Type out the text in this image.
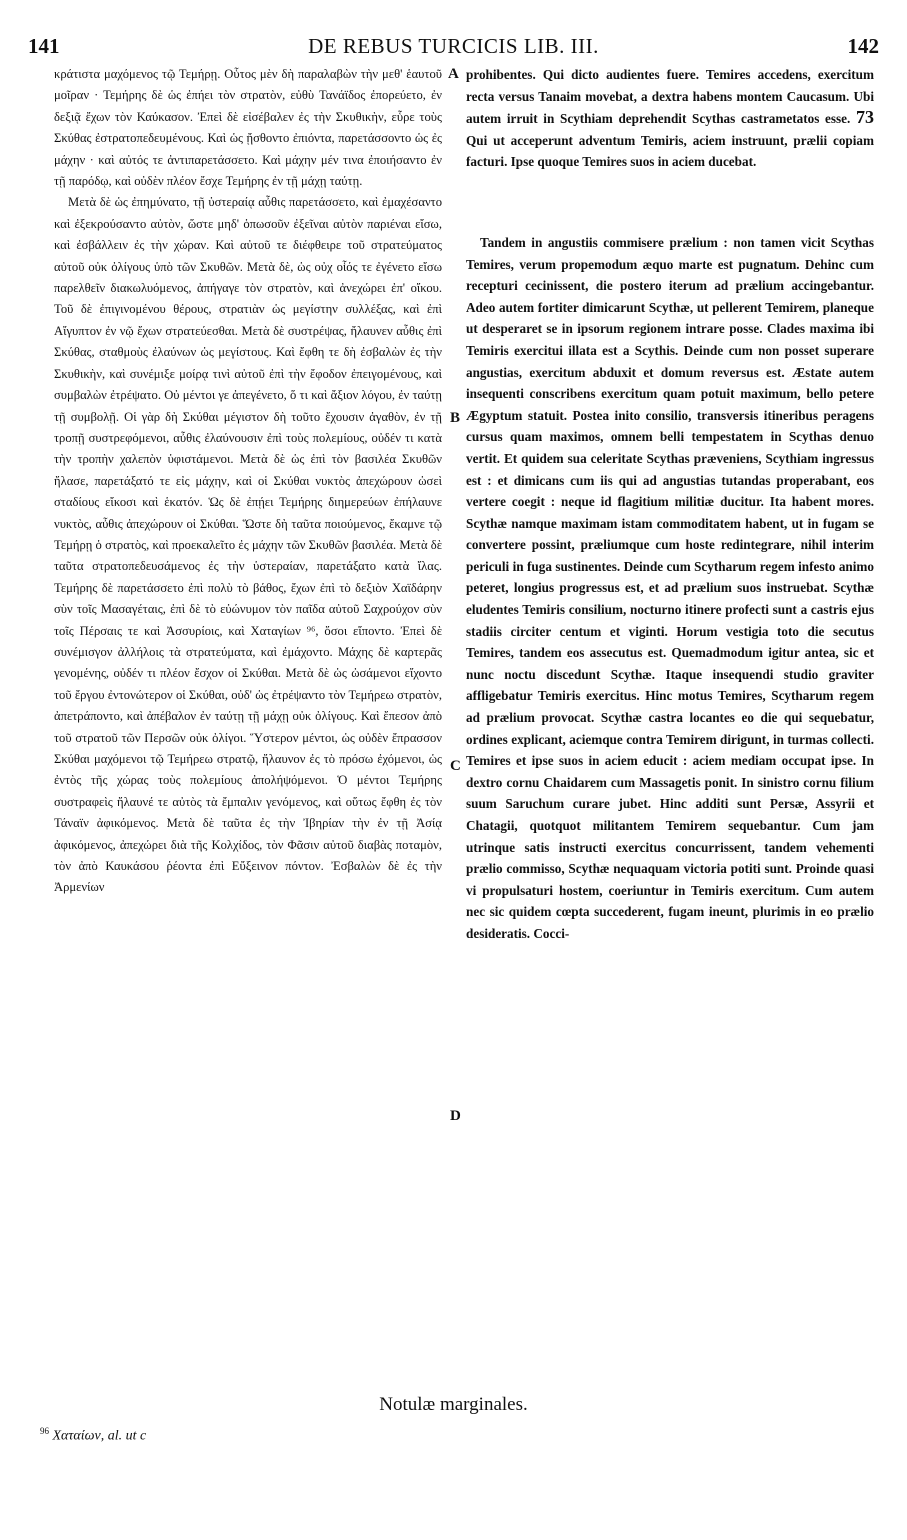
141	DE REBUS TURCICIS LIB. III.	142

κράτιστα μαχόμενος τῷ Τεμήρῃ. Οὗτος μὲν δὴ παραλαβὼν τὴν μεθ' ἑαυτοῦ μοῖραν · Τεμήρης δὲ ὡς ἐπήει τὸν στρατὸν, εὐθὺ Τανάϊδος ἐπορεύετο, ἐν δεξιᾷ ἔχων τὸν Καύκασον. Ἐπεὶ δὲ εἰσέβαλεν ἐς τὴν Σκυθικὴν, εὗρε τοὺς Σκύθας ἐστρατοπεδευμένους. Καὶ ὡς ᾔσθοντο ἐπιόντα, παρετάσσοντο ὡς ἐς μάχην · καὶ αὐτός τε ἀντιπαρετάσσετο. Καὶ μάχην μέν τινα ἐποιήσαντο ἐν τῇ παρόδῳ, καὶ οὐδὲν πλέον ἔσχε Τεμήρης ἐν τῇ μάχῃ ταύτῃ.

Μετὰ δὲ ὡς ἐπημύνατο, τῇ ὑστεραίᾳ αὖθις παρετάσσετο, καὶ ἐμαχέσαντο καὶ ἐξεκρούσαντο αὐτὸν, ὥστε μηδ' ὁπωσοῦν ἐξεῖναι αὐτὸν παριέναι εἴσω, καὶ ἐσβάλλειν ἐς τὴν χώραν. Καὶ αὐτοῦ τε διέφθειρε τοῦ στρατεύματος αὐτοῦ οὐκ ὀλίγους ὑπὸ τῶν Σκυθῶν. Μετὰ δὲ, ὡς οὐχ οἷός τε ἐγένετο εἴσω παρελθεῖν διακωλυόμενος, ἀπήγαγε τὸν στρατὸν, καὶ ἀνεχώρει ἐπ' οἴκου. Τοῦ δὲ ἐπιγινομένου θέρους, στρατιὰν ὡς μεγίστην συλλέξας, καὶ ἐπὶ Αἴγυπτον ἐν νῷ ἔχων στρατεύεσθαι. Μετὰ δὲ συστρέψας, ἤλαυνεν αὖθις ἐπὶ Σκύθας, σταθμοὺς ἐλαύνων ὡς μεγίστους. Καὶ ἔφθη τε δὴ ἐσβαλὼν ἐς τὴν Σκυθικὴν, καὶ συνέμιξε μοίρᾳ τινὶ αὐτοῦ ἐπὶ τὴν ἔφοδον ἐπειγομένους, καὶ συμβαλὼν ἐτρέψατο. Οὐ μέντοι γε ἀπεγένετο, ὅ τι καὶ ἄξιον λόγου, ἐν ταύτῃ τῇ συμβολῇ. Οἱ γὰρ δὴ Σκύθαι μέγιστον δὴ τοῦτο ἔχουσιν ἀγαθὸν, ἐν τῇ τροπῇ συστρεφόμενοι, αὖθις ἐλαύνουσιν ἐπὶ τοὺς πολεμίους, οὐδέν τι κατὰ τὴν τροπὴν χαλεπὸν ὑφιστάμενοι. Μετὰ δὲ ὡς ἐπὶ τὸν βασιλέα Σκυθῶν ἤλασε, παρετάξατό τε εἰς μάχην, καὶ οἱ Σκύθαι νυκτὸς ἀπεχώρουν ὡσεὶ σταδίους εἴκοσι καὶ ἑκατόν. Ὡς δὲ ἐπῄει Τεμήρης διημερεύων ἐπήλαυνε νυκτὸς, αὖθις ἀπεχώρουν οἱ Σκύθαι. Ὥστε δὴ ταῦτα ποιούμενος, ἔκαμνε τῷ Τεμήρῃ ὁ στρατὸς, καὶ προεκαλεῖτο ἐς μάχην τῶν Σκυθῶν βασιλέα. Μετὰ δὲ ταῦτα στρατοπεδευσάμενος ἐς τὴν ὑστεραίαν, παρετάξατο κατὰ ἴλας. Τεμήρης δὲ παρετάσσετο ἐπὶ πολὺ τὸ βάθος, ἔχων ἐπὶ τὸ δεξιὸν Χαϊδάρην σὺν τοῖς Μασαγέταις, ἐπὶ δὲ τὸ εὐώνυμον τὸν παῖδα αὐτοῦ Σαχρούχον σὺν τοῖς Πέρσαις τε καὶ Ἀσσυρίοις, καὶ Χαταγίων ⁹⁶, ὅσοι εἵποντο. Ἐπεὶ δὲ συνέμισγον ἀλλήλοις τὰ στρατεύματα, καὶ ἐμάχοντο. Μάχης δὲ καρτερᾶς γενομένης, οὐδέν τι πλέον ἔσχον οἱ Σκύθαι. Μετὰ δὲ ὡς ὠσάμενοι εἴχοντο τοῦ ἔργου ἐντονώτερον οἱ Σκύθαι, οὐδ' ὡς ἐτρέψαντο τὸν Τεμήρεω στρατὸν, ἀπετράποντο, καὶ ἀπέβαλον ἐν ταύτῃ τῇ μάχῃ οὐκ ὀλίγους. Καὶ ἔπεσον ἀπὸ τοῦ στρατοῦ τῶν Περσῶν οὐκ ὀλίγοι. Ὕστερον μέντοι, ὡς οὐδὲν ἔπρασσον Σκύθαι μαχόμενοι τῷ Τεμήρεω στρατῷ, ἤλαυνον ἐς τὸ πρόσω ἐχόμενοι, ὡς ἐντὸς τῆς χώρας τοὺς πολεμίους ἀπολήψόμενοι. Ὁ μέντοι Τεμήρης συστραφεὶς ἤλαυνέ τε αὐτὸς τὰ ἔμπαλιν γενόμενος, καὶ οὕτως ἔφθη ἐς τὸν Τάναϊν ἀφικόμενος. Μετὰ δὲ ταῦτα ἐς τὴν Ἰβηρίαν τὴν ἐν τῇ Ἀσίᾳ ἀφικόμενος, ἀπεχώρει διὰ τῆς Κολχίδος, τὸν Φᾶσιν αὐτοῦ διαβὰς ποταμὸν, τὸν ἀπὸ Καυκάσου ῥέοντα ἐπὶ Εὔξεινον πόντον. Ἐσβαλὼν δὲ ἐς τὴν Ἀρμενίων

A
B
C
D

prohibentes. Qui dicto audientes fuere. Temires accedens, exercitum recta versus Tanaim movebat, a dextra habens montem Caucasum. Ubi autem irruit in Scythiam deprehendit Scythas castrametatos esse. 73 Qui ut acceperunt adventum Temiris, aciem instruunt, prælii copiam facturi. Ipse quoque Temires suos in aciem ducebat.

Tandem in angustiis commisere prælium : non tamen vicit Scythas Temires, verum propemodum æquo marte est pugnatum. Dehinc cum recepturi cecinissent, die postero iterum ad prælium accingebantur. Adeo autem fortiter dimicarunt Scythæ, ut pellerent Temirem, planeque ut desperaret se in ipsorum regionem intrare posse. Clades maxima ibi Temiris exercitui illata est a Scythis. Deinde cum non posset superare angustias, exercitum abduxit et domum reversus est. Æstate autem insequenti conscribens exercitum quam potuit maximum, bello petere Ægyptum statuit. Postea inito consilio, transversis itineribus peragens cursus quam maximos, omnem belli tempestatem in Scythas denuo vertit. Et quidem sua celeritate Scythas præveniens, Scythiam ingressus est : et dimicans cum iis qui ad angustias tutandas properabant, eos vertere coegit : neque id flagitium militiæ ducitur. Ita habent mores. Scythæ namque maximam istam commoditatem habent, ut in fugam se convertere possint, præliumque cum hoste redintegrare, nihil interim periculi in fuga sustinentes. Deinde cum Scytharum regem infesto animo peteret, longius progressus est, et ad prælium suos instruebat. Scythæ eludentes Temiris consilium, nocturno itinere profecti sunt a castris ejus stadiis circiter centum et viginti. Horum vestigia toto die secutus Temires, tandem eos assecutus est. Quemadmodum igitur antea, sic et nunc noctu discedunt Scythæ. Itaque insequendi studio graviter affligebatur Temiris exercitus. Hinc motus Temires, Scytharum regem ad prælium provocat. Scythæ castra locantes eo die qui sequebatur, ordines explicant, aciemque contra Temirem dirigunt, in turmas collecti. Temires et ipse suos in aciem educit : aciem mediam occupat ipse. In dextro cornu Chaidarem cum Massagetis ponit. In sinistro cornu filium suum Saruchum curare jubet. Hinc additi sunt Persæ, Assyrii et Chatagii, quotquot militantem Temirem sequebantur. Cum jam utrinque satis instructi exercitus concurrissent, tandem vehementi prælio commisso, Scythæ nequaquam victoria potiti sunt. Proinde quasi vi propulsaturi hostem, coeriuntur in Temiris exercitum. Cum autem nec sic quidem cœpta succederent, fugam ineunt, plurimis in eo prælio desideratis. Cocci-

Notulæ marginales.
$^{96}$ Χαταίων, al. ut c
